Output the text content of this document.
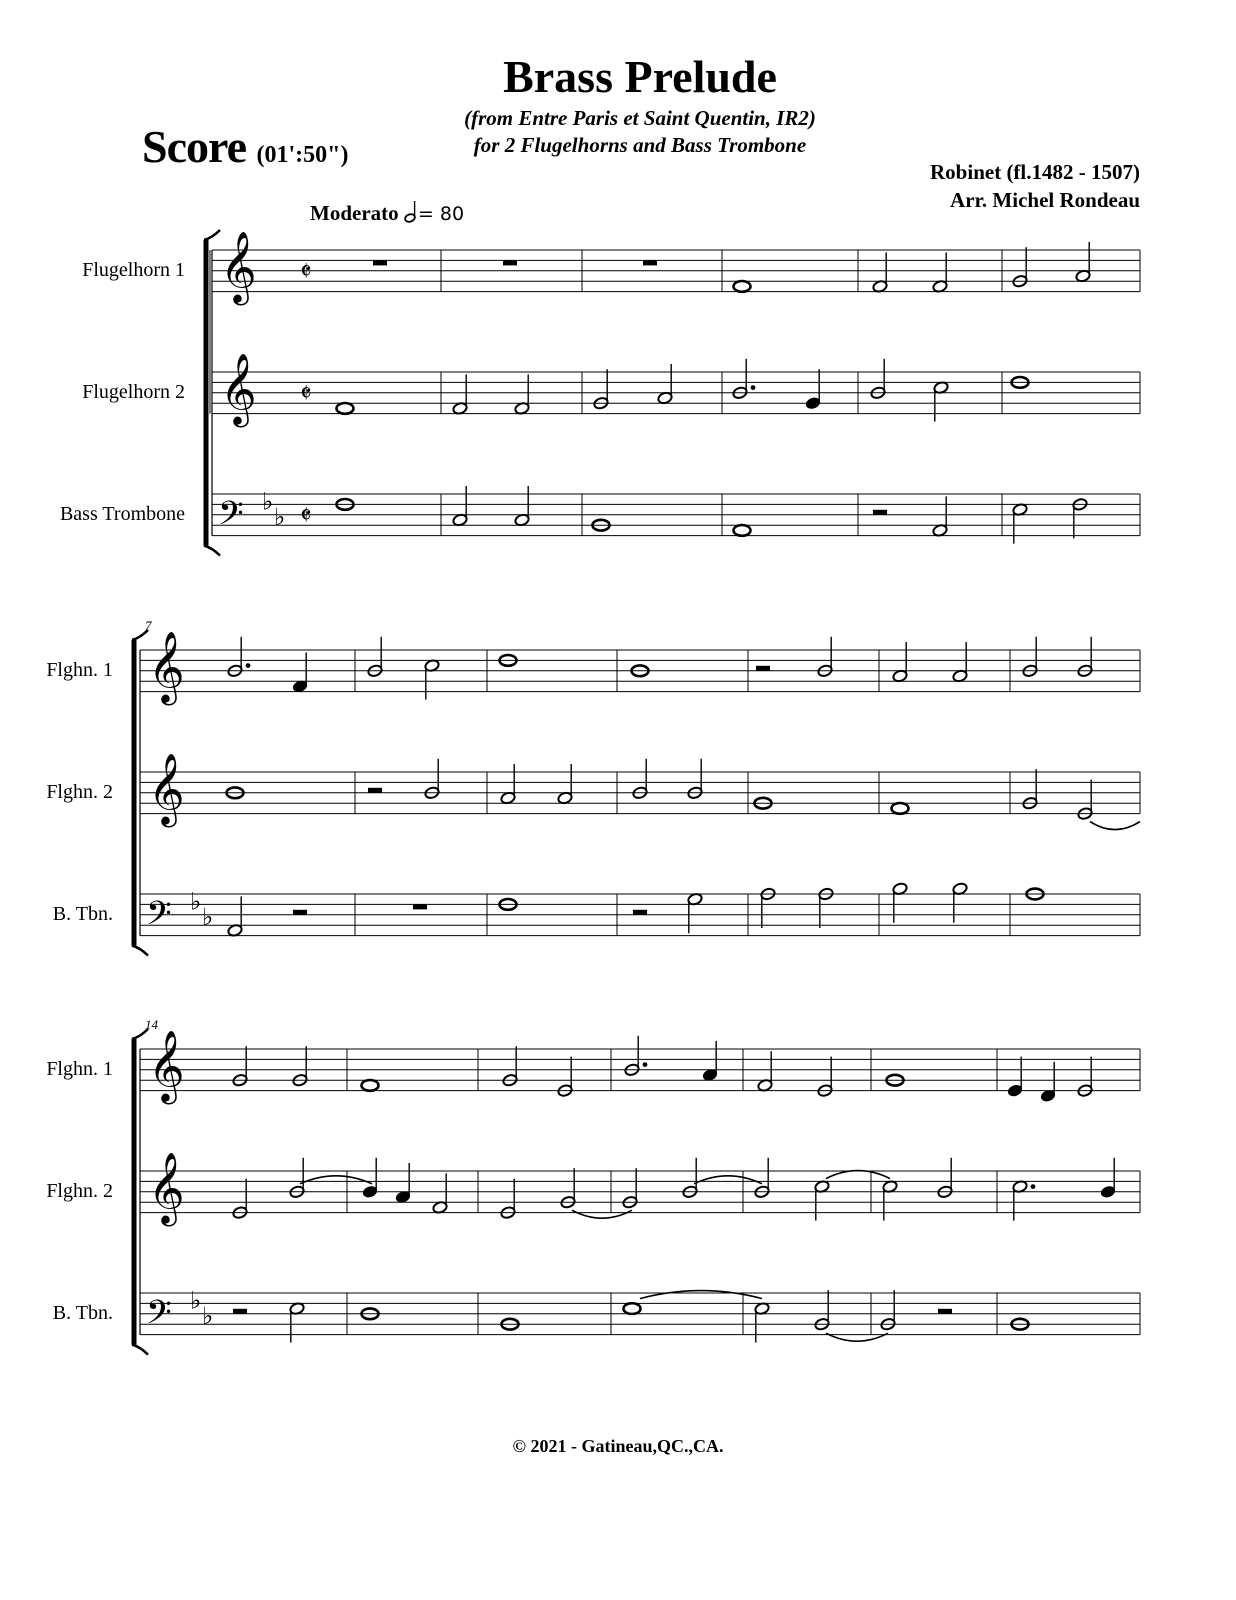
Brass Prelude
(from Entre Paris et Saint Quentin, IR2)
for 2 Flugelhorns and Bass Trombone
Score (01':50")
Robinet (fl.1482 - 1507)
Arr. Michel Rondeau
Moderato = 80
Flugelhorn 1
Flugelhorn 2
Bass Trombone
Flghn. 1
Flghn. 2
B. Tbn.
Flghn. 1
Flghn. 2
B. Tbn.
7
14
𝄞
𝄞
𝄢 ♭
♭
𝄵
𝄵
𝄵
𝄞
𝄞
𝄢 ♭
♭
𝄞
𝄞
𝄢 ♭
♭
© 2021 - Gatineau,QC.,CA.
